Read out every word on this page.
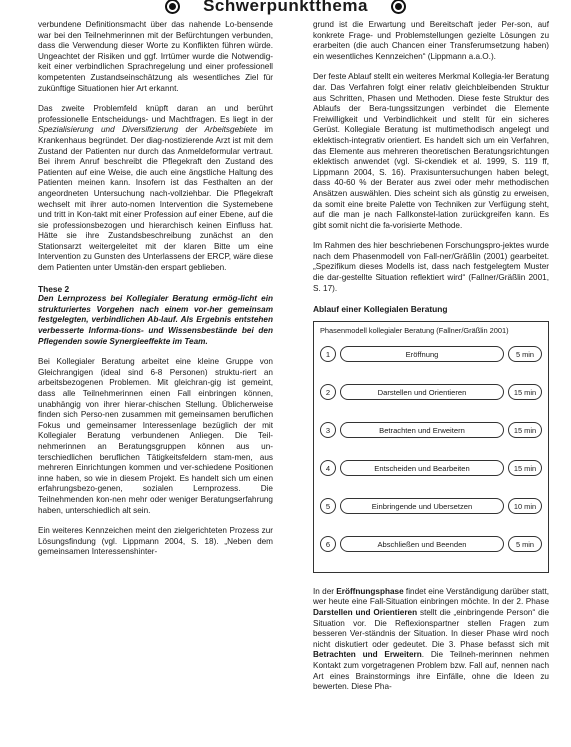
Schwerpunktthema

verbundene Definitionsmacht über das nahende Lo-bensende war bei den Teilnehmerinnen mit der Befürchtungen verbunden, dass die Verwendung dieser Worte zu Konflikten führen würde. Ungeachtet der Risiken und ggf. Irrtümer wurde die Notwendig-keit einer verbindlichen Sprachregelung und einer professionell kompetenten Zustandseinschätzung als wesentliches Ziel für zukünftige Situationen hier Art erkannt.

Das zweite Problemfeld knüpft daran an und berührt professionelle Entscheidungs- und Machtfragen. Es liegt in der Spezialisierung und Diversifizierung der Arbeitsgebiete im Krankenhaus begründet. Der diag-nostizierende Arzt ist mit dem Zustand der Patienten nur durch das Anmeldeformular vertraut. Bei ihrem Anruf beschreibt die Pflegekraft den Zustand des Patienten auf eine Weise, die auch eine ängstliche Haltung des Patienten meinen kann. Insofern ist das Festhalten an der angeordneten Untersuchung nach-vollziehbar. Die Pflegekraft wechselt mit ihrer auto-nomen Intervention die Systemebene und tritt in Kon-takt mit einer Profession auf einer Ebene, auf die sie professionsbezogen und hierarchisch keinen Einfluss hat. Hätte sie ihre Zustandsbeschreibung zunächst an den Stationsarzt weitergeleitet mit der klaren Bitte um eine Intervention zu Gunsten des Unterlassens der ERCP, wäre diese dem Patienten unter Umstän-den erspart geblieben.

These 2

Den Lernprozess bei Kollegialer Beratung ermög-licht ein strukturiertes Vorgehen nach einem vor-her gemeinsam festgelegten, verbindlichen Ab-lauf. Als Ergebnis entstehen verbesserte Informa-tions- und Wissensbestände bei den Pflegenden sowie Synergieeffekte im Team.

Bei Kollegialer Beratung arbeitet eine kleine Gruppe von Gleichrangigen (ideal sind 6-8 Personen) struktu-riert an arbeitsbezogenen Problemen. Mit gleichran-gig ist gemeint, dass alle Teilnehmerinnen einen Fall einbringen können, unabhängig von ihrer hierar-chischen Stellung. Üblicherweise finden sich Perso-nen zusammen mit gemeinsamen beruflichen Fokus und gemeinsamer Interessenlage bezüglich der mit Kollegialer Beratung verbundenen Anliegen. Die Teil-nehmerinnen an Beratungsgruppen können aus un-terschiedlichen beruflichen Tätigkeitsfeldern stam-men, aus mehreren Einrichtungen kommen und ver-schiedene Positionen inne haben, so wie in diesem Projekt. Es handelt sich um einen erfahrungsbezo-genen, sozialen Lernprozess. Die Teilnehmenden kon-nen mehr oder weniger Beratungserfahrung haben, unterschiedlich alt sein.

Ein weiteres Kennzeichen meint den zielgerichteten Prozess zur Lösungsfindung (vgl. Lippmann 2004, S. 18). „Neben dem gemeinsamen Interessenshinter-

grund ist die Erwartung und Bereitschaft jeder Per-son, auf konkrete Frage- und Problemstellungen gezielte Lösungen zu erarbeiten (die auch Chancen einer Transferumsetzung haben) ein wesentliches Kennzeichen“ (Lippmann a.a.O.).

Der feste Ablauf stellt ein weiteres Merkmal Kollegia-ler Beratung dar. Das Verfahren folgt einer relativ gleichbleibenden Struktur aus Schritten, Phasen und Methoden. Diese feste Struktur des Ablaufs der Bera-tungssitzungen verbindet die Elemente Freiwilligkeit und Verbindlichkeit und stellt für ein sicheres Gerüst. Kollegiale Beratung ist multimethodisch angelegt und eklektisch-integrativ orientiert. Es handelt sich um ein Verfahren, das Elemente aus mehreren theoretischen Beratungsrichtungen eklektisch anwendet (vgl. Si-ckendiek et al. 1999, S. 119 ff, Lippmann 2004, S. 16). Praxisuntersuchungen haben belegt, dass 40-60 % der Berater aus zwei oder mehr methodischen Ansätzen auswählen. Dies scheint sich als günstig zu erweisen, da somit eine breite Palette von Techniken zur Verfügung steht, auf die man je nach Fallkonstel-lation zurückgreifen kann. Es gibt somit nicht die fa-vorisierte Methode.

Im Rahmen des hier beschriebenen Forschungspro-jektes wurde nach dem Phasenmodell von Fall-ner/Gräßlin (2001) gearbeitet. „Spezifikum dieses Modells ist, dass nach festgelegtem Muster die dar-gestellte Situation reflektiert wird“ (Fallner/Gräßlin 2001, S. 17).

Ablauf einer Kollegialen Beratung
Phasenmodell kollegialer Beratung (Fallner/Gräßlin 2001)
1	Eröffnung	5 min
2	Darstellen und Orientieren	15 min
3	Betrachten und Erweitern	15 min
4	Entscheiden und Bearbeiten	15 min
5	Einbringende und Ubersetzen	10 min
6	Abschließen und Beenden	5 min

In der Eröffnungsphase findet eine Verständigung darüber statt, wer heute eine Fall-Situation einbringen möchte. In der 2. Phase Darstellen und Orientieren stellt die „einbringende Person“ die Situation vor. Die Reflexionspartner stellen Fragen zum besseren Ver-ständnis der Situation. In dieser Phase wird noch nicht diskutiert oder gedeutet. Die 3. Phase befasst sich mit Betrachten und Erweitern. Die Teilneh-merinnen nehmen Kontakt zum vorgetragenen Problem bzw. Fall auf, nennen nach Art eines Brainstormings ihre Einfälle, ohne die Ideen zu bewerten. Diese Pha-
